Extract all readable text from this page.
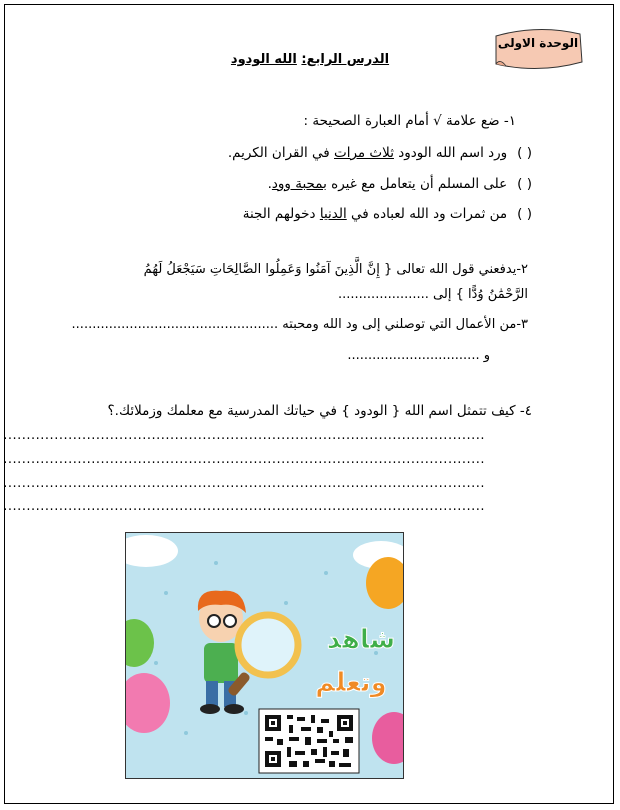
الوحدة الاولى
الدرس الرابع: الله الودود
١- ضع علامة √ أمام العبارة الصحيحة :
( )ورد اسم الله الودود ثلاث مرات في القران الكريم.
( )على المسلم أن يتعامل مع غيره بمحبة وود.
( )من ثمرات ود الله لعباده في الدنيا دخولهم الجنة
٢-يدفعني قول الله تعالى { إِنَّ الَّذِينَ آمَنُوا وَعَمِلُوا الصَّالِحَاتِ سَيَجْعَلُ لَهُمُ
الرَّحْمَٰنُ وُدًّا } إلى ......................
٣-من الأعمال التي توصلني إلى ود الله ومحبته ..................................................
و ................................
٤- كيف تتمثل اسم الله { الودود } في حياتك المدرسية مع معلمك وزملائك.؟
........................................................................................................
........................................................................................................
........................................................................................................
........................................................................................................
شاهد
وتعلم
